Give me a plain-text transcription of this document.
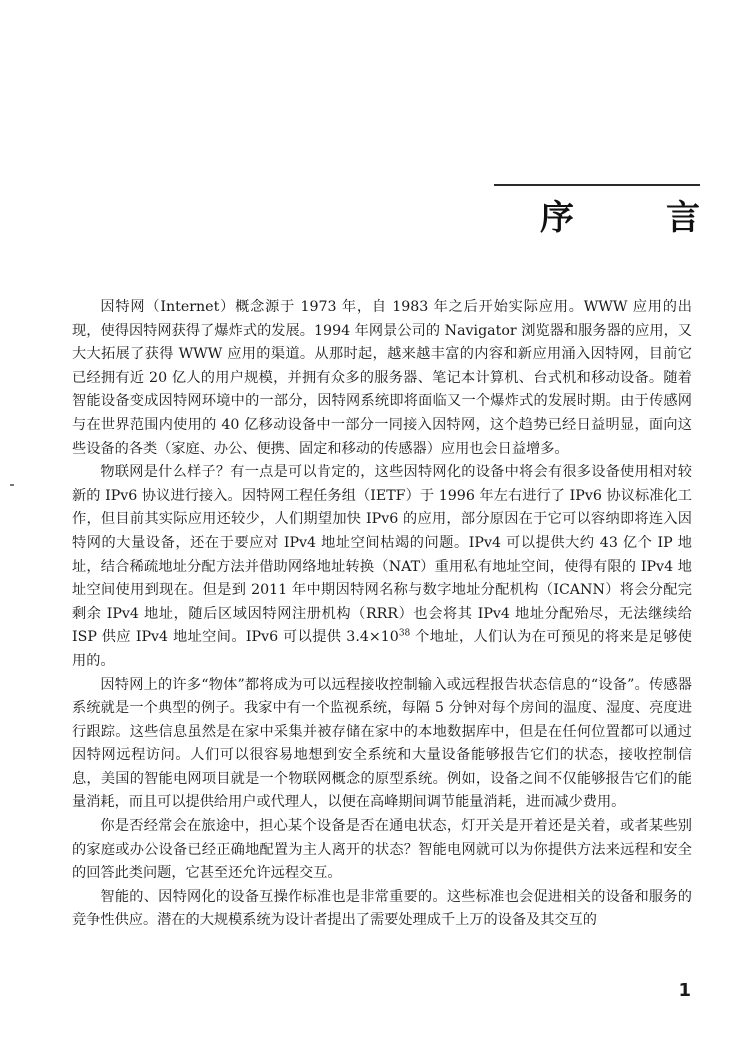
序	言

因特网（Internet）概念源于 1973 年，自 1983 年之后开始实际应用。WWW 应用的出现，使得因特网获得了爆炸式的发展。1994 年网景公司的 Navigator 浏览器和服务器的应用，又大大拓展了获得 WWW 应用的渠道。从那时起，越来越丰富的内容和新应用涌入因特网，目前它已经拥有近 20 亿人的用户规模，并拥有众多的服务器、笔记本计算机、台式机和移动设备。随着智能设备变成因特网环境中的一部分，因特网系统即将面临又一个爆炸式的发展时期。由于传感网与在世界范围内使用的 40 亿移动设备中一部分一同接入因特网，这个趋势已经日益明显，面向这些设备的各类（家庭、办公、便携、固定和移动的传感器）应用也会日益增多。

物联网是什么样子？有一点是可以肯定的，这些因特网化的设备中将会有很多设备使用相对较新的 IPv6 协议进行接入。因特网工程任务组（IETF）于 1996 年左右进行了 IPv6 协议标准化工作，但目前其实际应用还较少，人们期望加快 IPv6 的应用，部分原因在于它可以容纳即将连入因特网的大量设备，还在于要应对 IPv4 地址空间枯竭的问题。IPv4 可以提供大约 43 亿个 IP 地址，结合稀疏地址分配方法并借助网络地址转换（NAT）重用私有地址空间，使得有限的 IPv4 地址空间使用到现在。但是到 2011 年中期因特网名称与数字地址分配机构（ICANN）将会分配完剩余 IPv4 地址，随后区域因特网注册机构（RRR）也会将其 IPv4 地址分配殆尽，无法继续给 ISP 供应 IPv4 地址空间。IPv6 可以提供 $3.4\times 10^{38}$ 个地址，人们认为在可预见的将来是足够使用的。

因特网上的许多“物体”都将成为可以远程接收控制输入或远程报告状态信息的“设备”。传感器系统就是一个典型的例子。我家中有一个监视系统，每隔 5 分钟对每个房间的温度、湿度、亮度进行跟踪。这些信息虽然是在家中采集并被存储在家中的本地数据库中，但是在任何位置都可以通过因特网远程访问。人们可以很容易地想到安全系统和大量设备能够报告它们的状态，接收控制信息，美国的智能电网项目就是一个物联网概念的原型系统。例如，设备之间不仅能够报告它们的能量消耗，而且可以提供给用户或代理人，以便在高峰期间调节能量消耗，进而减少费用。

你是否经常会在旅途中，担心某个设备是否在通电状态，灯开关是开着还是关着，或者某些别的家庭或办公设备已经正确地配置为主人离开的状态？智能电网就可以为你提供方法来远程和安全的回答此类问题，它甚至还允许远程交互。

智能的、因特网化的设备互操作标准也是非常重要的。这些标准也会促进相关的设备和服务的竞争性供应。潜在的大规模系统为设计者提出了需要处理成千上万的设备及其交互的

1
